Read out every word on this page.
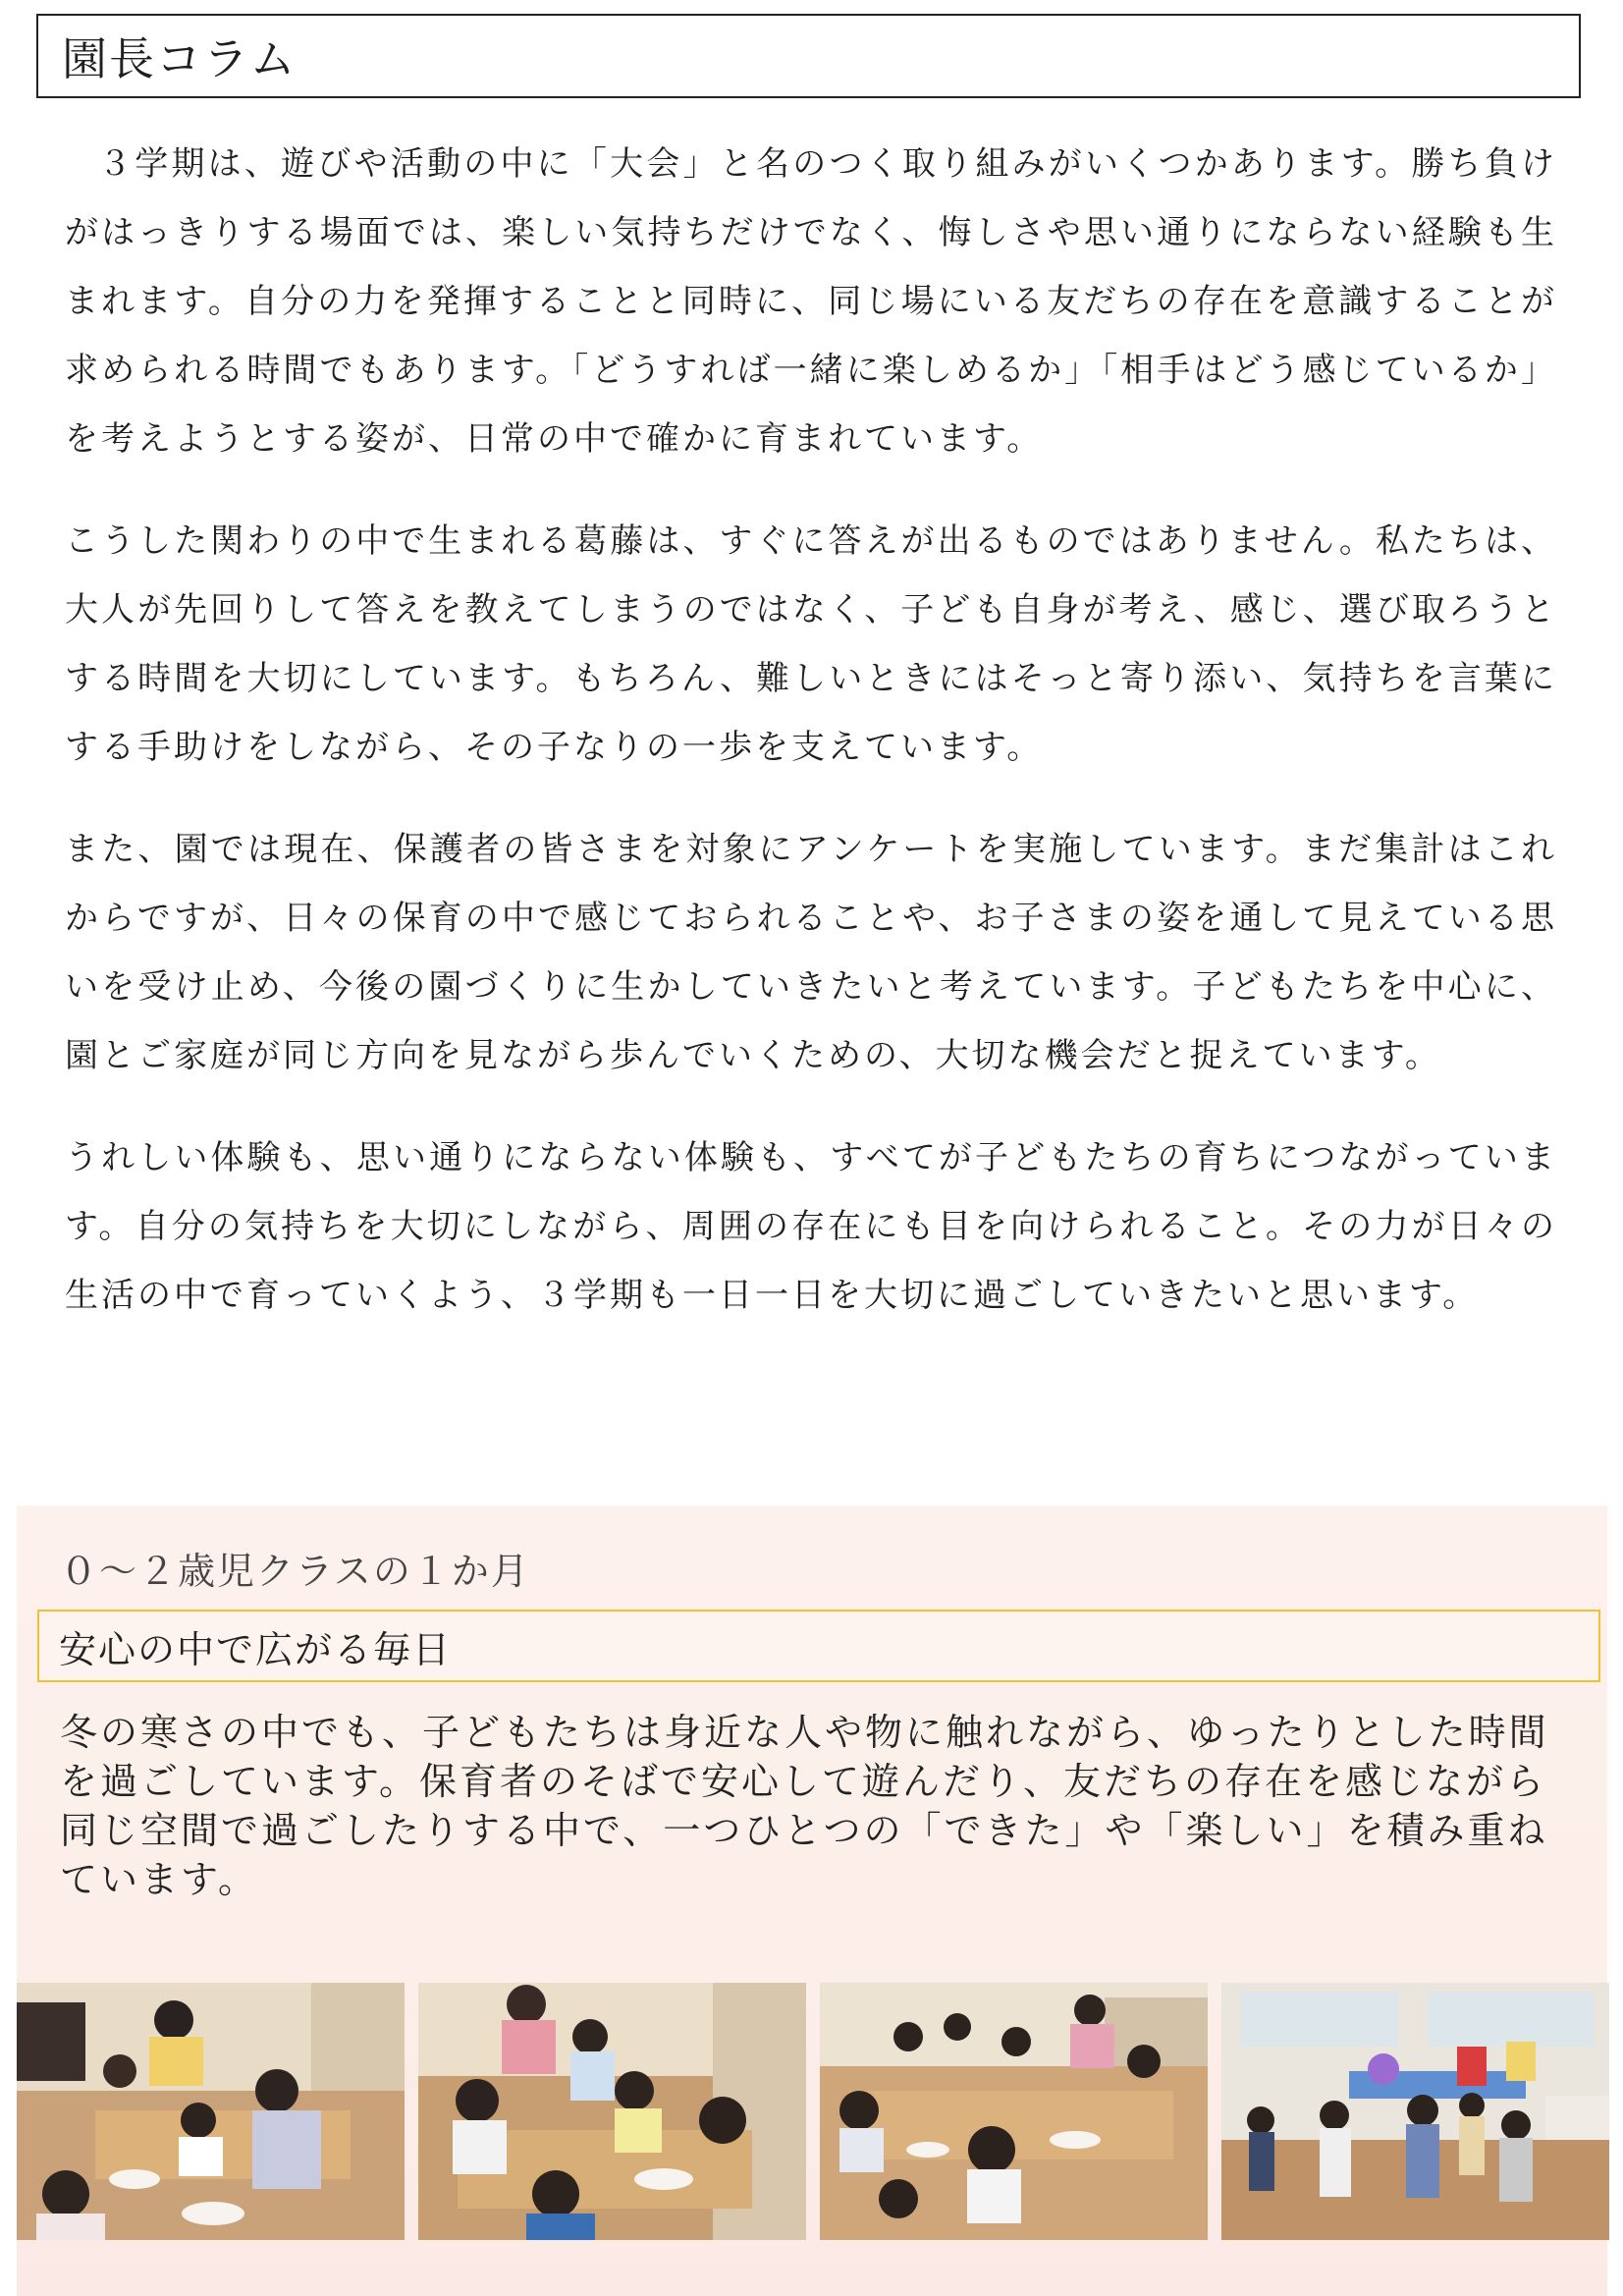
園長コラム

３学期は、遊びや活動の中に「大会」と名のつく取り組みがいくつかあります。勝ち負けがはっきりする場面では、楽しい気持ちだけでなく、悔しさや思い通りにならない経験も生まれます。自分の力を発揮することと同時に、同じ場にいる友だちの存在を意識することが求められる時間でもあります。「どうすれば一緒に楽しめるか」「相手はどう感じているか」を考えようとする姿が、日常の中で確かに育まれています。

こうした関わりの中で生まれる葛藤は、すぐに答えが出るものではありません。私たちは、大人が先回りして答えを教えてしまうのではなく、子ども自身が考え、感じ、選び取ろうとする時間を大切にしています。もちろん、難しいときにはそっと寄り添い、気持ちを言葉にする手助けをしながら、その子なりの一歩を支えています。

また、園では現在、保護者の皆さまを対象にアンケートを実施しています。まだ集計はこれからですが、日々の保育の中で感じておられることや、お子さまの姿を通して見えている思いを受け止め、今後の園づくりに生かしていきたいと考えています。子どもたちを中心に、園とご家庭が同じ方向を見ながら歩んでいくための、大切な機会だと捉えています。

うれしい体験も、思い通りにならない体験も、すべてが子どもたちの育ちにつながっています。自分の気持ちを大切にしながら、周囲の存在にも目を向けられること。その力が日々の生活の中で育っていくよう、３学期も一日一日を大切に過ごしていきたいと思います。

０～２歳児クラスの１か月
安心の中で広がる毎日

冬の寒さの中でも、子どもたちは身近な人や物に触れながら、ゆったりとした時間を過ごしています。保育者のそばで安心して遊んだり、友だちの存在を感じながら同じ空間で過ごしたりする中で、一つひとつの「できた」や「楽しい」を積み重ねています。
